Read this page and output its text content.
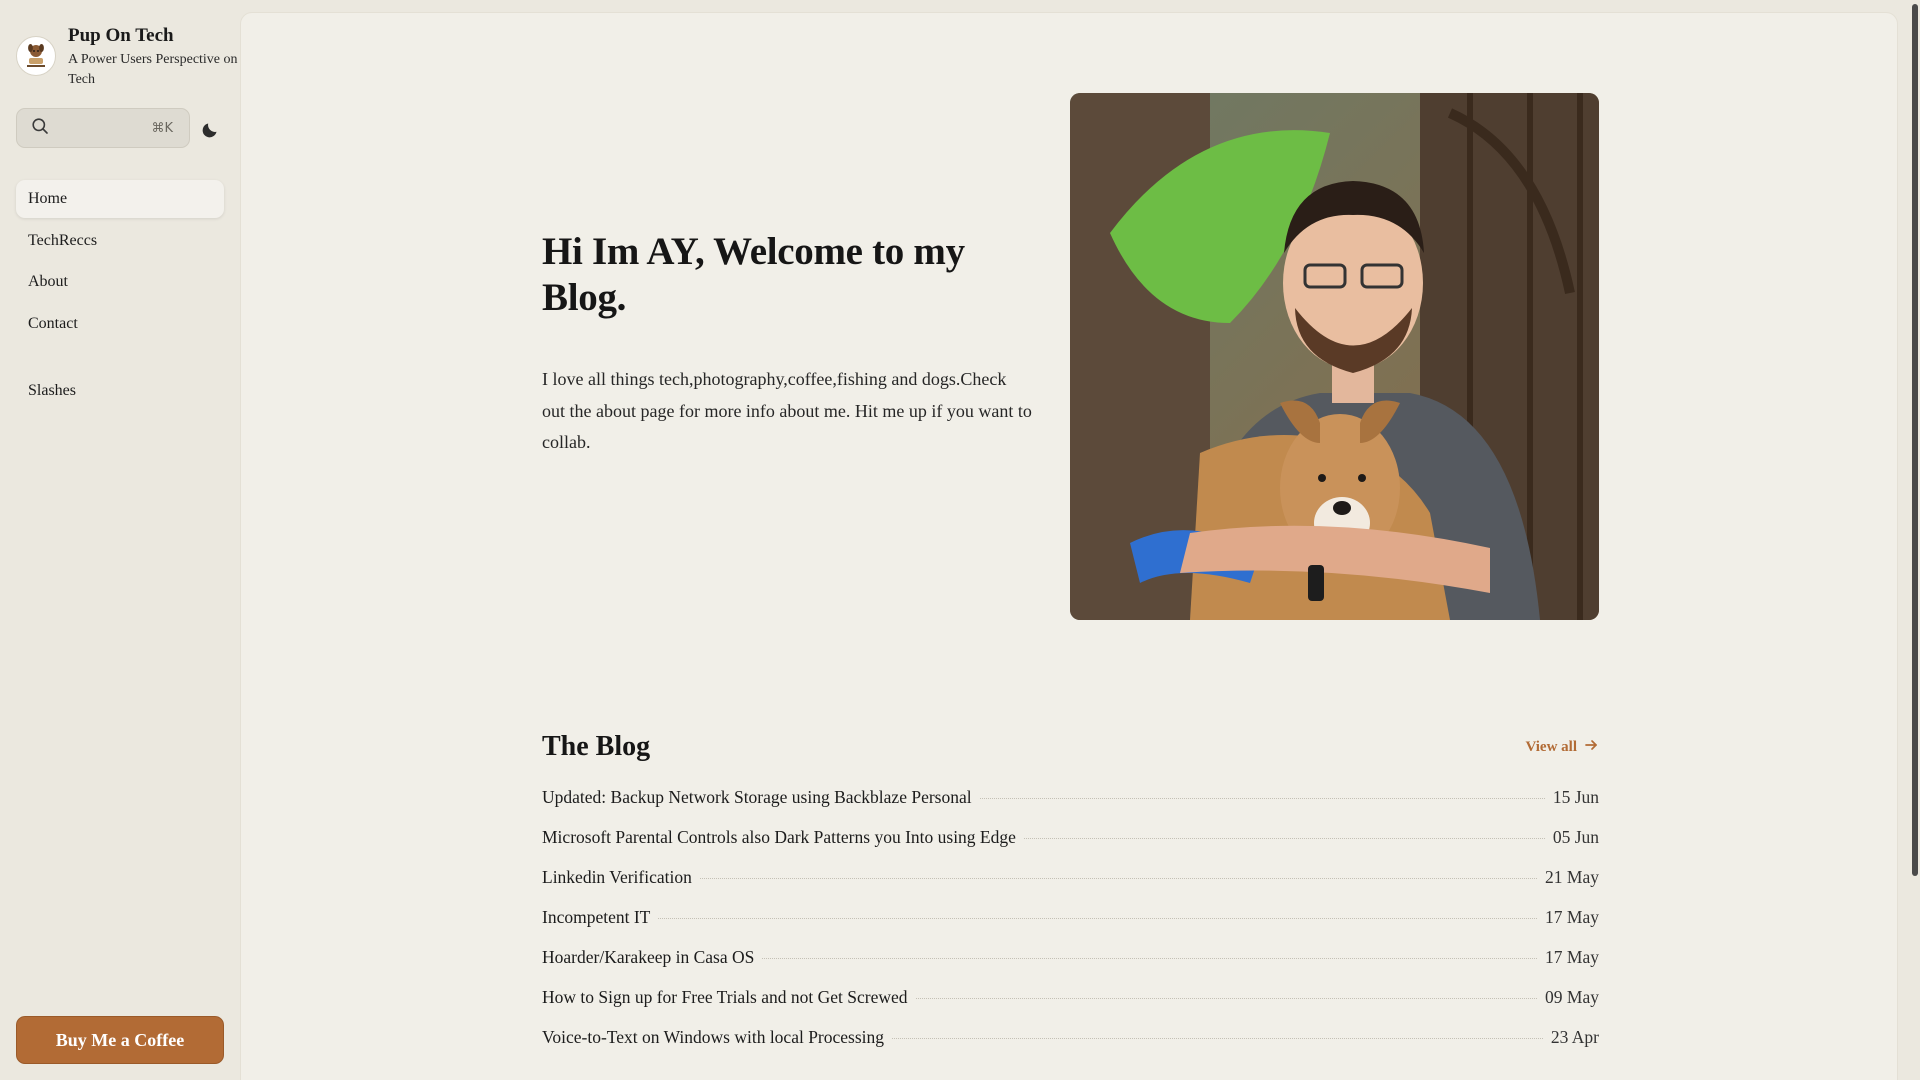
Pup On Tech
A Power Users Perspective on Tech
⌘K
Home
TechReccs
About
Contact
Slashes
Buy Me a Coffee
Hi Im AY, Welcome to my Blog.

I love all things tech,photography,coffee,fishing and dogs.Check out the about page for more info about me. Hit me up if you want to collab.

The Blog	View all
Updated: Backup Network Storage using Backblaze Personal	15 Jun
Microsoft Parental Controls also Dark Patterns you Into using Edge	05 Jun
Linkedin Verification	21 May
Incompetent IT	17 May
Hoarder/Karakeep in Casa OS	17 May
How to Sign up for Free Trials and not Get Screwed	09 May
Voice-to-Text on Windows with local Processing	23 Apr
